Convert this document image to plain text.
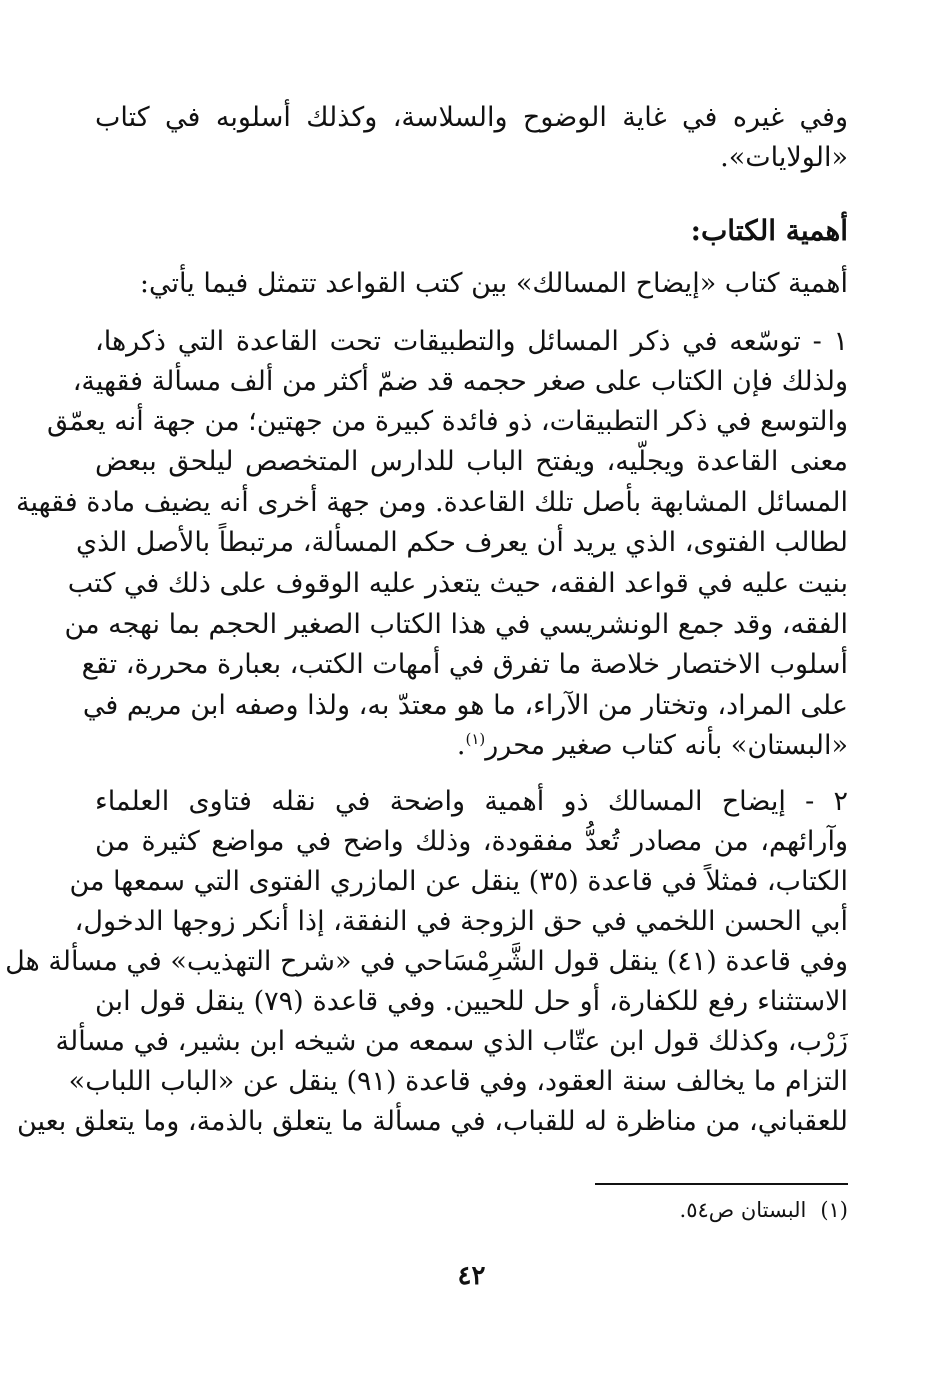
وفي غيره في غاية الوضوح والسلاسة، وكذلك أسلوبه في كتاب
«الولايات».
أهمية الكتاب:
أهمية كتاب «إيضاح المسالك» بين كتب القواعد تتمثل فيما يأتي:
١ - توسّعه في ذكر المسائل والتطبيقات تحت القاعدة التي ذكرها،
ولذلك فإن الكتاب على صغر حجمه قد ضمّ أكثر من ألف مسألة فقهية،
والتوسع في ذكر التطبيقات، ذو فائدة كبيرة من جهتين؛ من جهة أنه يعمّق
معنى القاعدة ويجلّيه، ويفتح الباب للدارس المتخصص ليلحق ببعض
المسائل المشابهة بأصل تلك القاعدة. ومن جهة أخرى أنه يضيف مادة فقهية
لطالب الفتوى، الذي يريد أن يعرف حكم المسألة، مرتبطاً بالأصل الذي
بنيت عليه في قواعد الفقه، حيث يتعذر عليه الوقوف على ذلك في كتب
الفقه، وقد جمع الونشريسي في هذا الكتاب الصغير الحجم بما نهجه من
أسلوب الاختصار خلاصة ما تفرق في أمهات الكتب، بعبارة محررة، تقع
على المراد، وتختار من الآراء، ما هو معتدّ به، ولذا وصفه ابن مريم في
«البستان» بأنه كتاب صغير محرر$^{(١)}$.
٢ - إيضاح المسالك ذو أهمية واضحة في نقله فتاوى العلماء
وآرائهم، من مصادر تُعدُّ مفقودة، وذلك واضح في مواضع كثيرة من
الكتاب، فمثلاً في قاعدة (٣٥) ينقل عن المازري الفتوى التي سمعها من
أبي الحسن اللخمي في حق الزوجة في النفقة، إذا أنكر زوجها الدخول،
وفي قاعدة (٤١) ينقل قول الشَّرِمْسَاحي في «شرح التهذيب» في مسألة هل
الاستثناء رفع للكفارة، أو حل للحيين. وفي قاعدة (٧٩) ينقل قول ابن
زَرْب، وكذلك قول ابن عتّاب الذي سمعه من شيخه ابن بشير، في مسألة
التزام ما يخالف سنة العقود، وفي قاعدة (٩١) ينقل عن «الباب اللباب»
للعقباني، من مناظرة له للقباب، في مسألة ما يتعلق بالذمة، وما يتعلق بعين
(١)البستان ص٥٤.
٤٢
